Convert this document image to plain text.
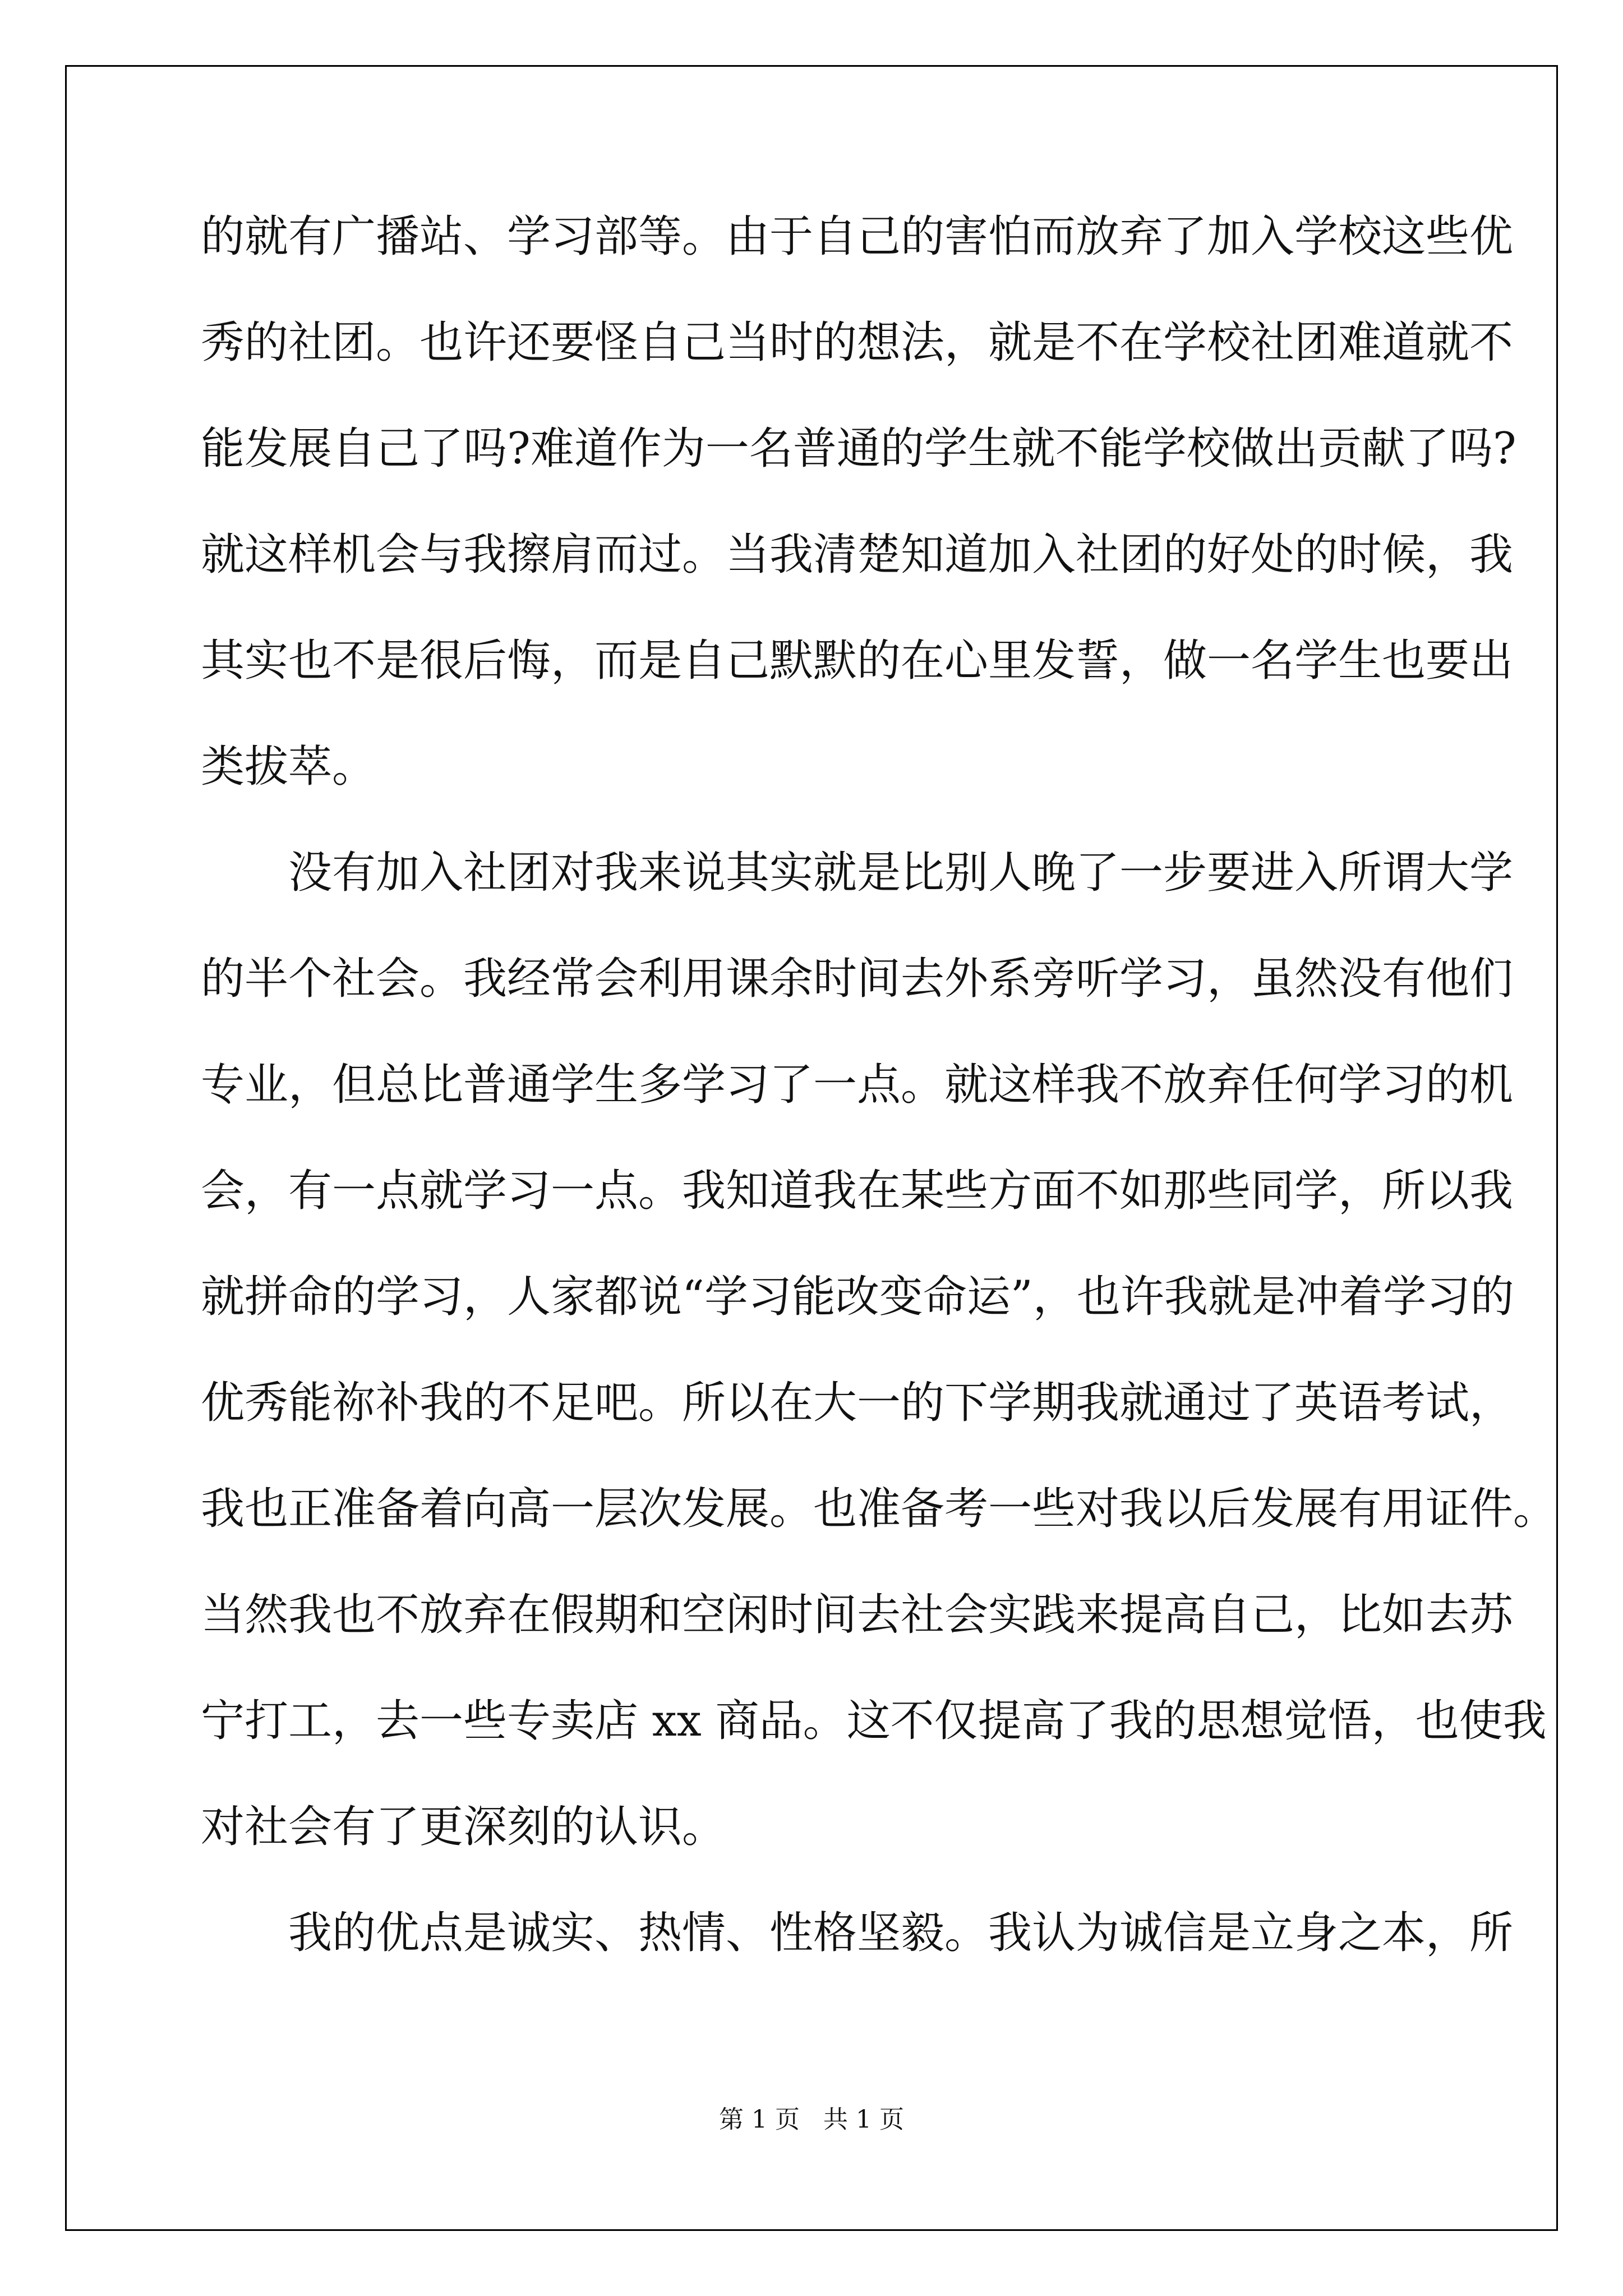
的就有广播站、学习部等。由于自己的害怕而放弃了加入学校这些优
秀的社团。也许还要怪自己当时的想法，就是不在学校社团难道就不
能发展自己了吗?难道作为一名普通的学生就不能学校做出贡献了吗?
就这样机会与我擦肩而过。当我清楚知道加入社团的好处的时候，我
其实也不是很后悔，而是自己默默的在心里发誓，做一名学生也要出
类拔萃。
没有加入社团对我来说其实就是比别人晚了一步要进入所谓大学
的半个社会。我经常会利用课余时间去外系旁听学习，虽然没有他们
专业，但总比普通学生多学习了一点。就这样我不放弃任何学习的机
会，有一点就学习一点。我知道我在某些方面不如那些同学，所以我
就拼命的学习，人家都说“学习能改变命运”，也许我就是冲着学习的
优秀能祢补我的不足吧。所以在大一的下学期我就通过了英语考试，
我也正准备着向高一层次发展。也准备考一些对我以后发展有用证件。
当然我也不放弃在假期和空闲时间去社会实践来提高自己，比如去苏
宁打工，去一些专卖店 xx 商品。这不仅提高了我的思想觉悟，也使我
对社会有了更深刻的认识。
我的优点是诚实、热情、性格坚毅。我认为诚信是立身之本，所
第 1 页   共 1 页
